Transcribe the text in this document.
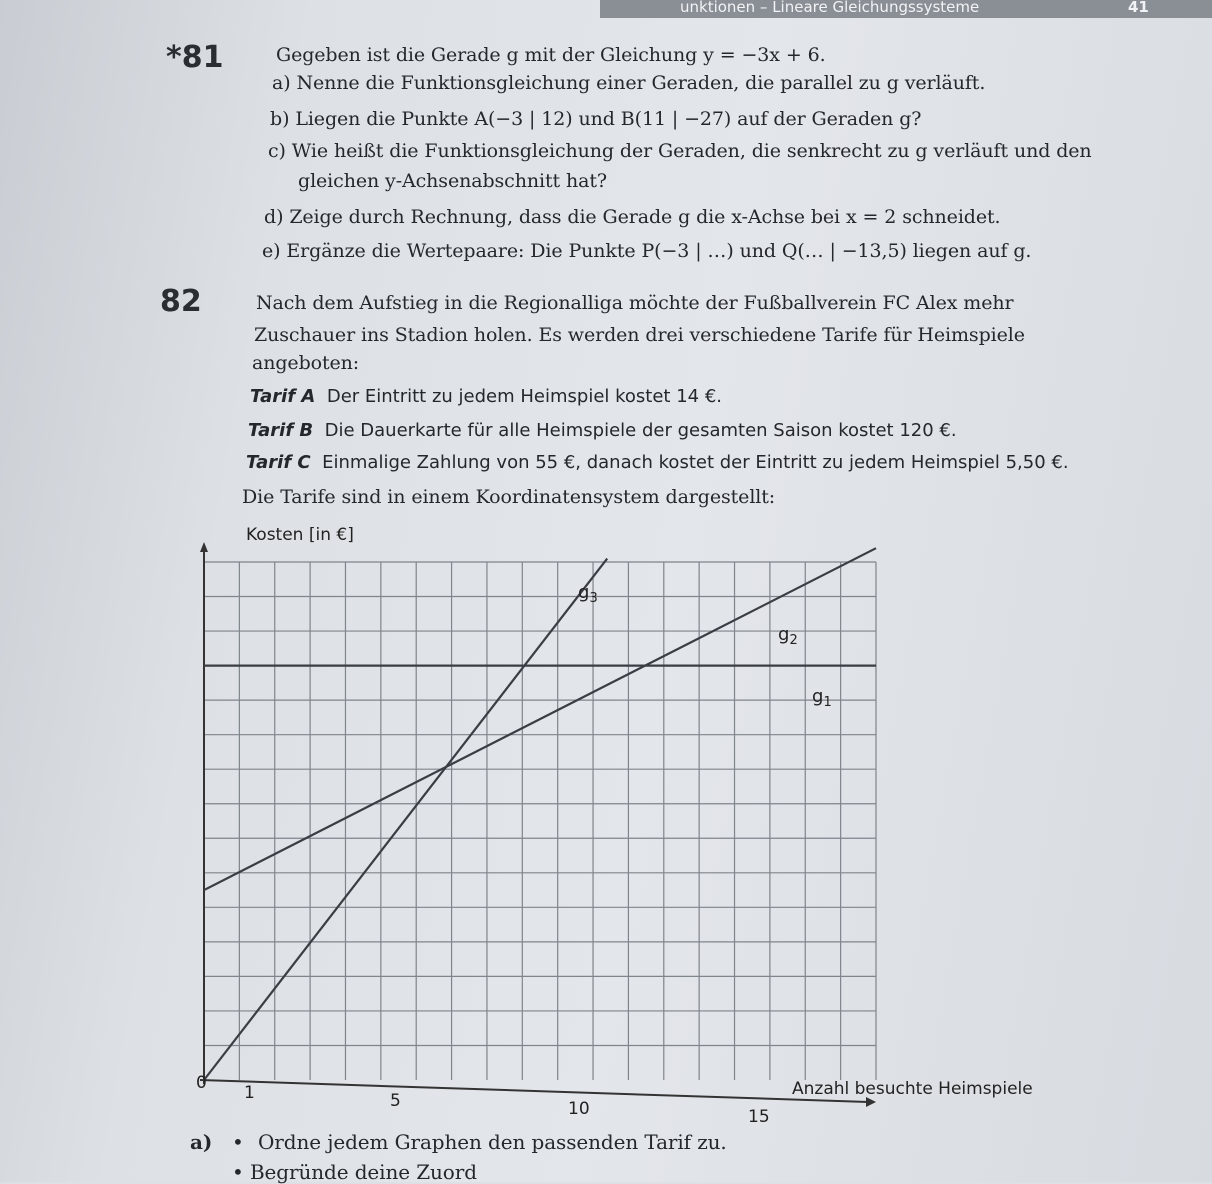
unktionen – Lineare Gleichungssysteme	41
*81	Gegeben ist die Gerade g mit der Gleichung y = −3x + 6.
a) Nenne die Funktionsgleichung einer Geraden, die parallel zu g verläuft.
b) Liegen die Punkte A(−3 | 12) und B(11 | −27) auf der Geraden g?
c) Wie heißt die Funktionsgleichung der Geraden, die senkrecht zu g verläuft und den
gleichen y-Achsenabschnitt hat?
d) Zeige durch Rechnung, dass die Gerade g die x-Achse bei x = 2 schneidet.
e) Ergänze die Wertepaare: Die Punkte P(−3 | …) und Q(… | −13,5) liegen auf g.
82	Nach dem Aufstieg in die Regionalliga möchte der Fußballverein FC Alex mehr
Zuschauer ins Stadion holen. Es werden drei verschiedene Tarife für Heimspiele
angeboten:
Tarif A Der Eintritt zu jedem Heimspiel kostet 14 €.
Tarif B Die Dauerkarte für alle Heimspiele der gesamten Saison kostet 120 €.
Tarif C Einmalige Zahlung von 55 €, danach kostet der Eintritt zu jedem Heimspiel 5,50 €.
Die Tarife sind in einem Koordinatensystem dargestellt:
$g_3$
$g_2$
$g_1$
Kosten [in €]
Anzahl besuchte Heimspiele
0 1	5	10	15
a) • Ordne jedem Graphen den passenden Tarif zu.
• Begründe deine Zuord
